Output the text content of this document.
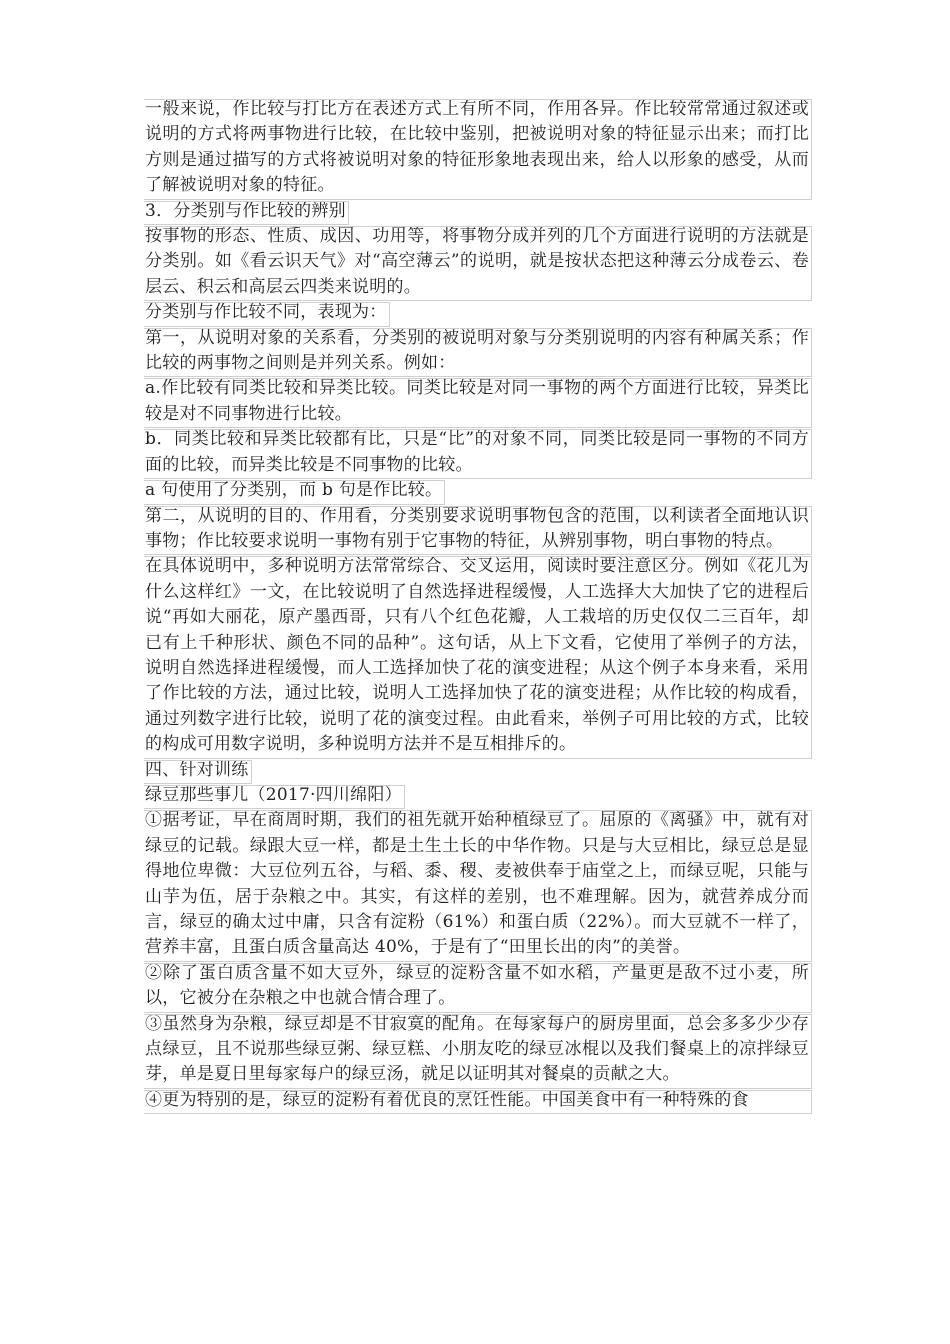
一般来说，作比较与打比方在表述方式上有所不同，作用各异。作比较常常通过叙述或说明的方式将两事物进行比较，在比较中鉴别，把被说明对象的特征显示出来；而打比方则是通过描写的方式将被说明对象的特征形象地表现出来，给人以形象的感受，从而了解被说明对象的特征。

3．分类别与作比较的辨别

按事物的形态、性质、成因、功用等，将事物分成并列的几个方面进行说明的方法就是分类别。如《看云识天气》对“高空薄云”的说明，就是按状态把这种薄云分成卷云、卷层云、积云和高层云四类来说明的。

分类别与作比较不同，表现为：

第一，从说明对象的关系看，分类别的被说明对象与分类别说明的内容有种属关系；作比较的两事物之间则是并列关系。例如：

a.作比较有同类比较和异类比较。同类比较是对同一事物的两个方面进行比较，异类比较是对不同事物进行比较。

b．同类比较和异类比较都有比，只是“比”的对象不同，同类比较是同一事物的不同方面的比较，而异类比较是不同事物的比较。

a 句使用了分类别，而 b 句是作比较。

第二，从说明的目的、作用看，分类别要求说明事物包含的范围，以利读者全面地认识事物；作比较要求说明一事物有别于它事物的特征，从辨别事物，明白事物的特点。

在具体说明中，多种说明方法常常综合、交叉运用，阅读时要注意区分。例如《花儿为什么这样红》一文，在比较说明了自然选择进程缓慢，人工选择大大加快了它的进程后说“再如大丽花，原产墨西哥，只有八个红色花瓣，人工栽培的历史仅仅二三百年，却已有上千种形状、颜色不同的品种”。这句话，从上下文看，它使用了举例子的方法，说明自然选择进程缓慢，而人工选择加快了花的演变进程；从这个例子本身来看，采用了作比较的方法，通过比较，说明人工选择加快了花的演变进程；从作比较的构成看，通过列数字进行比较，说明了花的演变过程。由此看来，举例子可用比较的方式，比较的构成可用数字说明，多种说明方法并不是互相排斥的。

四、针对训练

绿豆那些事儿（2017·四川绵阳）

①据考证，早在商周时期，我们的祖先就开始种植绿豆了。屈原的《离骚》中，就有对绿豆的记载。绿跟大豆一样，都是土生土长的中华作物。只是与大豆相比，绿豆总是显得地位卑微：大豆位列五谷，与稻、黍、稷、麦被供奉于庙堂之上，而绿豆呢，只能与山芋为伍，居于杂粮之中。其实，有这样的差别，也不难理解。因为，就营养成分而言，绿豆的确太过中庸，只含有淀粉（61%）和蛋白质（22%）。而大豆就不一样了，营养丰富，且蛋白质含量高达 40%，于是有了“田里长出的肉”的美誉。

②除了蛋白质含量不如大豆外，绿豆的淀粉含量不如水稻，产量更是敌不过小麦，所以，它被分在杂粮之中也就合情合理了。

③虽然身为杂粮，绿豆却是不甘寂寞的配角。在每家每户的厨房里面，总会多多少少存点绿豆，且不说那些绿豆粥、绿豆糕、小朋友吃的绿豆冰棍以及我们餐桌上的凉拌绿豆芽，单是夏日里每家每户的绿豆汤，就足以证明其对餐桌的贡献之大。

④更为特别的是，绿豆的淀粉有着优良的烹饪性能。中国美食中有一种特殊的食
